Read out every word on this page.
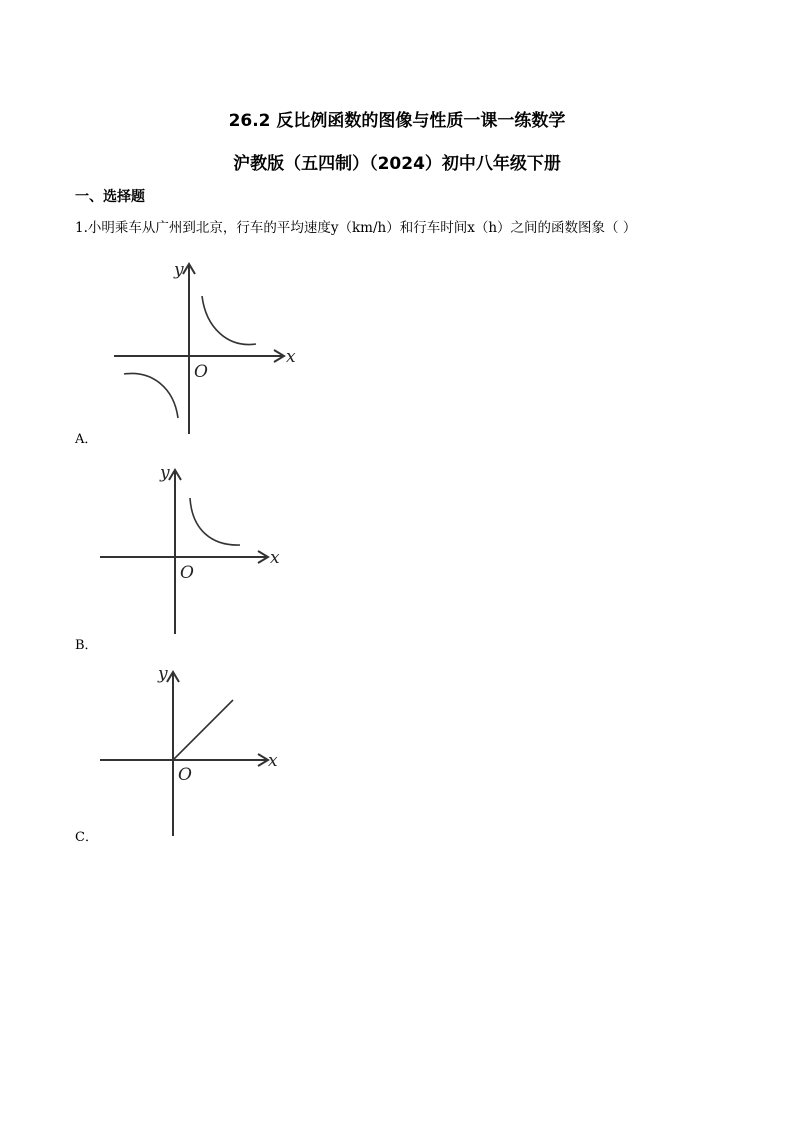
26.2 反比例函数的图像与性质一课一练数学
沪教版（五四制）（2024）初中八年级下册
一、选择题
1.小明乘车从广州到北京，行车的平均速度y（km/h）和行车时间x（h）之间的函数图象（ ）
x
y
O
A．
x
y
O
B．
x
y
O
C．
